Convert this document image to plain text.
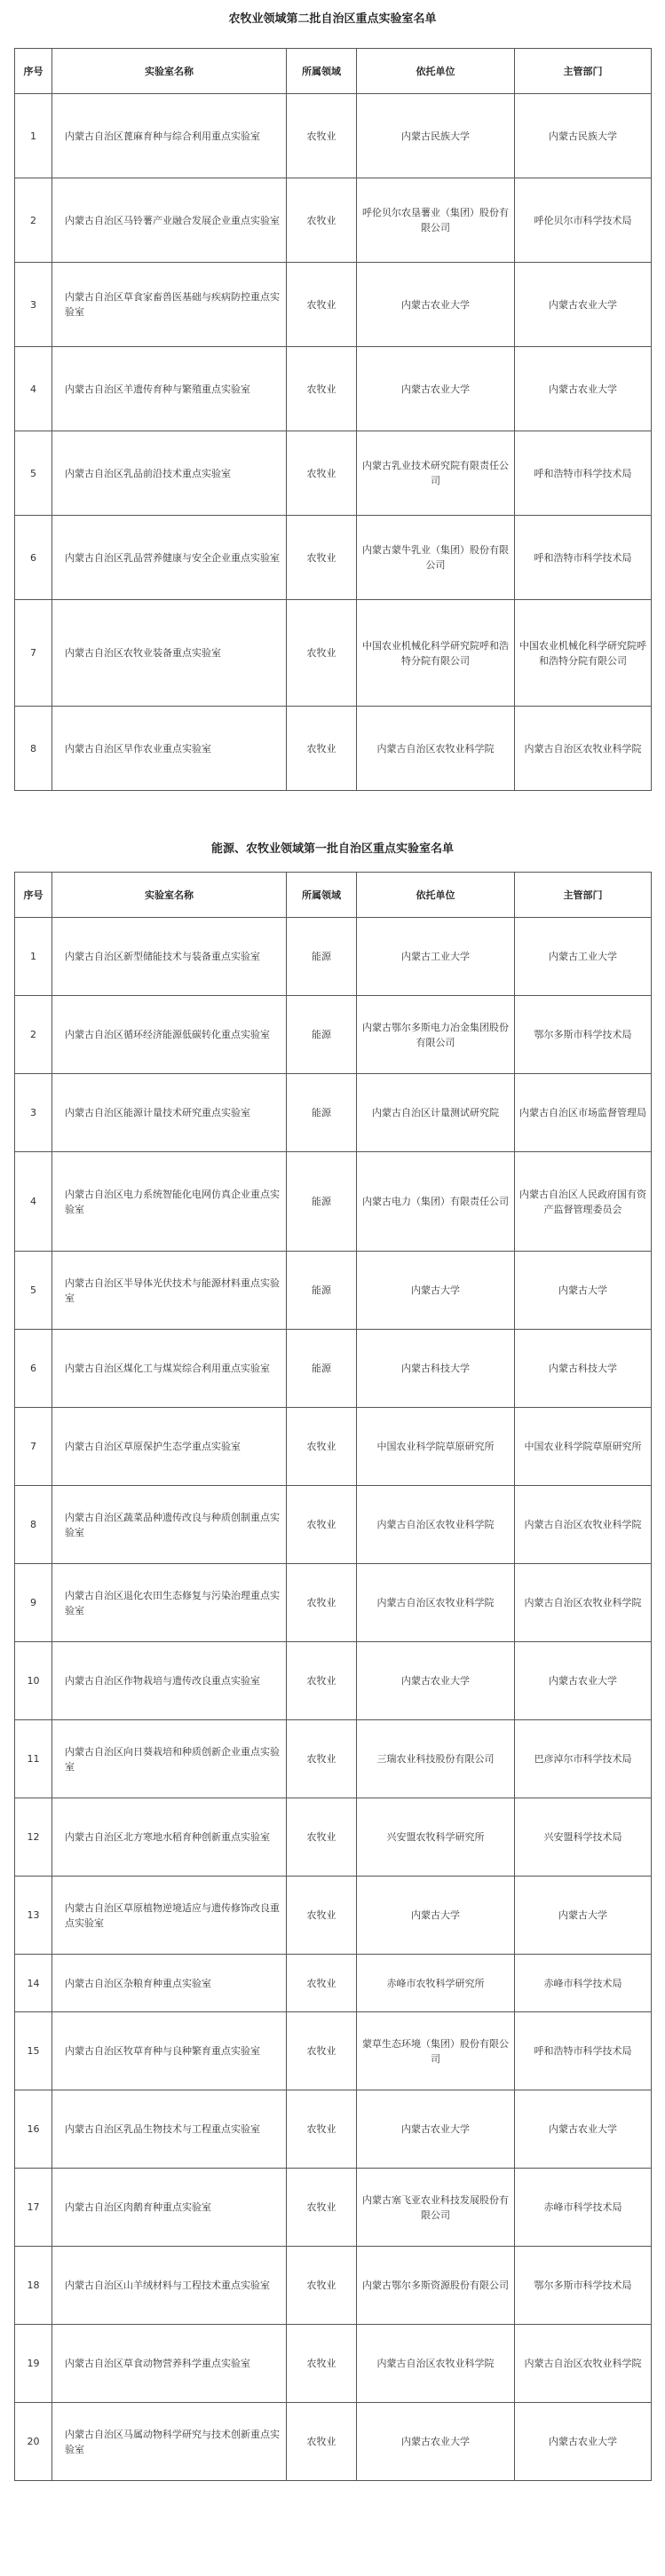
农牧业领域第二批自治区重点实验室名单
序号	实验室名称	所属领域	依托单位	主管部门
1	内蒙古自治区蓖麻育种与综合利用重点实验室	农牧业	内蒙古民族大学	内蒙古民族大学
2	内蒙古自治区马铃薯产业融合发展企业重点实验室	农牧业	呼伦贝尔农垦薯业（集团）股份有限公司	呼伦贝尔市科学技术局
3	内蒙古自治区草食家畜兽医基础与疾病防控重点实验室	农牧业	内蒙古农业大学	内蒙古农业大学
4	内蒙古自治区羊遗传育种与繁殖重点实验室	农牧业	内蒙古农业大学	内蒙古农业大学
5	内蒙古自治区乳品前沿技术重点实验室	农牧业	内蒙古乳业技术研究院有限责任公司	呼和浩特市科学技术局
6	内蒙古自治区乳品营养健康与安全企业重点实验室	农牧业	内蒙古蒙牛乳业（集团）股份有限公司	呼和浩特市科学技术局
7	内蒙古自治区农牧业装备重点实验室	农牧业	中国农业机械化科学研究院呼和浩特分院有限公司	中国农业机械化科学研究院呼和浩特分院有限公司
8	内蒙古自治区旱作农业重点实验室	农牧业	内蒙古自治区农牧业科学院	内蒙古自治区农牧业科学院
能源、农牧业领域第一批自治区重点实验室名单
序号	实验室名称	所属领域	依托单位	主管部门
1	内蒙古自治区新型储能技术与装备重点实验室	能源	内蒙古工业大学	内蒙古工业大学
2	内蒙古自治区循环经济能源低碳转化重点实验室	能源	内蒙古鄂尔多斯电力冶金集团股份有限公司	鄂尔多斯市科学技术局
3	内蒙古自治区能源计量技术研究重点实验室	能源	内蒙古自治区计量测试研究院	内蒙古自治区市场监督管理局
4	内蒙古自治区电力系统智能化电网仿真企业重点实验室	能源	内蒙古电力（集团）有限责任公司	内蒙古自治区人民政府国有资产监督管理委员会
5	内蒙古自治区半导体光伏技术与能源材料重点实验室	能源	内蒙古大学	内蒙古大学
6	内蒙古自治区煤化工与煤炭综合利用重点实验室	能源	内蒙古科技大学	内蒙古科技大学
7	内蒙古自治区草原保护生态学重点实验室	农牧业	中国农业科学院草原研究所	中国农业科学院草原研究所
8	内蒙古自治区蔬菜品种遗传改良与种质创制重点实验室	农牧业	内蒙古自治区农牧业科学院	内蒙古自治区农牧业科学院
9	内蒙古自治区退化农田生态修复与污染治理重点实验室	农牧业	内蒙古自治区农牧业科学院	内蒙古自治区农牧业科学院
10	内蒙古自治区作物栽培与遗传改良重点实验室	农牧业	内蒙古农业大学	内蒙古农业大学
11	内蒙古自治区向日葵栽培和种质创新企业重点实验室	农牧业	三瑞农业科技股份有限公司	巴彦淖尔市科学技术局
12	内蒙古自治区北方寒地水稻育种创新重点实验室	农牧业	兴安盟农牧科学研究所	兴安盟科学技术局
13	内蒙古自治区草原植物逆境适应与遗传修饰改良重点实验室	农牧业	内蒙古大学	内蒙古大学
14	内蒙古自治区杂粮育种重点实验室	农牧业	赤峰市农牧科学研究所	赤峰市科学技术局
15	内蒙古自治区牧草育种与良种繁育重点实验室	农牧业	蒙草生态环境（集团）股份有限公司	呼和浩特市科学技术局
16	内蒙古自治区乳品生物技术与工程重点实验室	农牧业	内蒙古农业大学	内蒙古农业大学
17	内蒙古自治区肉鹅育种重点实验室	农牧业	内蒙古塞飞亚农业科技发展股份有限公司	赤峰市科学技术局
18	内蒙古自治区山羊绒材料与工程技术重点实验室	农牧业	内蒙古鄂尔多斯资源股份有限公司	鄂尔多斯市科学技术局
19	内蒙古自治区草食动物营养科学重点实验室	农牧业	内蒙古自治区农牧业科学院	内蒙古自治区农牧业科学院
20	内蒙古自治区马属动物科学研究与技术创新重点实验室	农牧业	内蒙古农业大学	内蒙古农业大学
